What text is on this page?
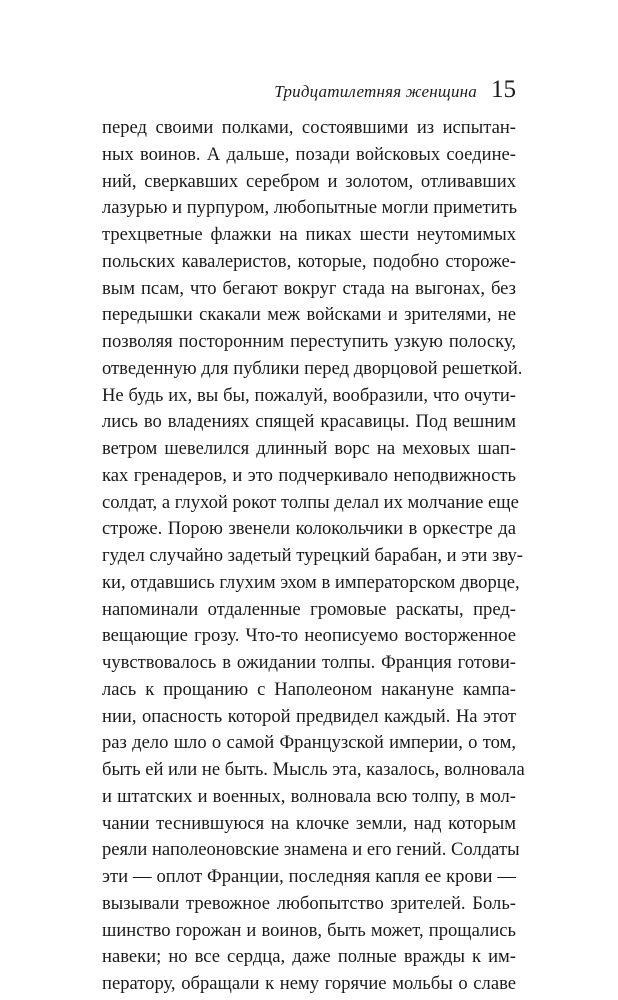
Тридцатилетняя женщина 15
перед своими полками, состоявшими из испытан-
ных воинов. А дальше, позади войсковых соедине-
ний, сверкавших серебром и золотом, отливавших
лазурью и пурпуром, любопытные могли приметить
трехцветные флажки на пиках шести неутомимых
польских кавалеристов, которые, подобно стороже-
вым псам, что бегают вокруг стада на выгонах, без
передышки скакали меж войсками и зрителями, не
позволяя посторонним переступить узкую полоску,
отведенную для публики перед дворцовой решеткой.
Не будь их, вы бы, пожалуй, вообразили, что очути-
лись во владениях спящей красавицы. Под вешним
ветром шевелился длинный ворс на меховых шап-
ках гренадеров, и это подчеркивало неподвижность
солдат, а глухой рокот толпы делал их молчание еще
строже. Порою звенели колокольчики в оркестре да
гудел случайно задетый турецкий барабан, и эти зву-
ки, отдавшись глухим эхом в императорском дворце,
напоминали отдаленные громовые раскаты, пред-
вещающие грозу. Что-то неописуемо восторженное
чувствовалось в ожидании толпы. Франция готови-
лась к прощанию с Наполеоном накануне кампа-
нии, опасность которой предвидел каждый. На этот
раз дело шло о самой Французской империи, о том,
быть ей или не быть. Мысль эта, казалось, волновала
и штатских и военных, волновала всю толпу, в мол-
чании теснившуюся на клочке земли, над которым
реяли наполеоновские знамена и его гений. Солдаты
эти — оплот Франции, последняя капля ее крови —
вызывали тревожное любопытство зрителей. Боль-
шинство горожан и воинов, быть может, прощались
навеки; но все сердца, даже полные вражды к им-
ператору, обращали к нему горячие мольбы о славе
